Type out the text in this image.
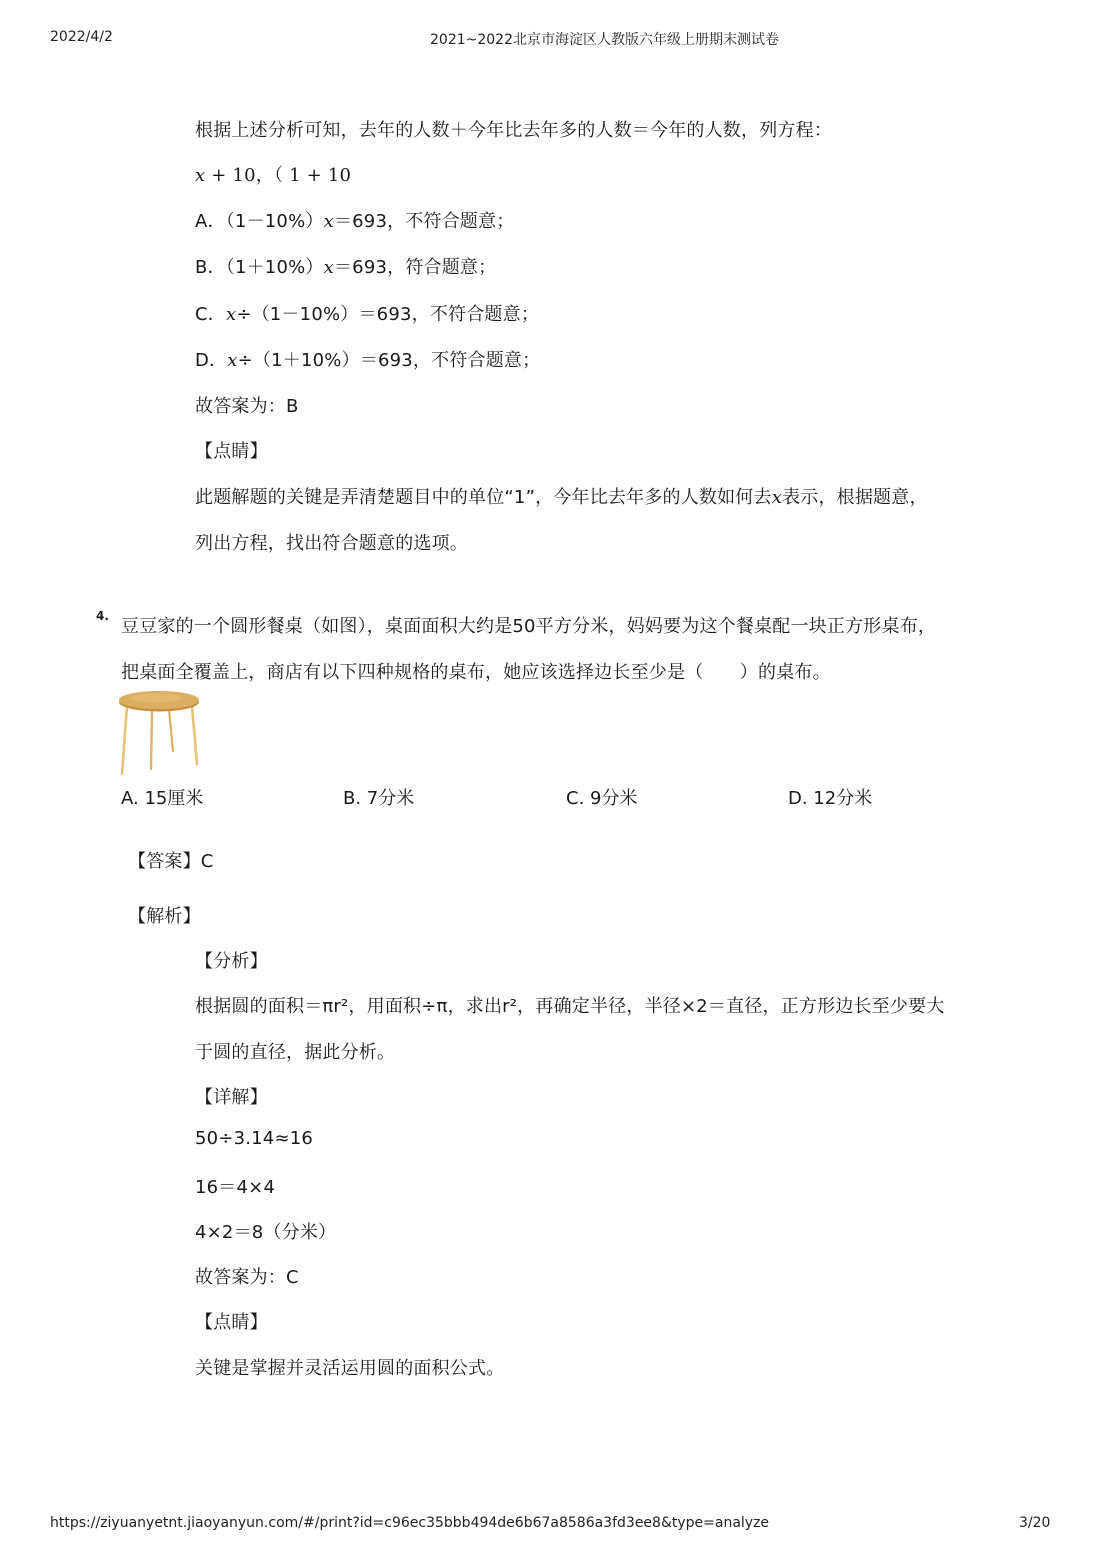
2022/4/2	2021~2022北京市海淀区人教版六年级上册期末测试卷
根据上述分析可知，去年的人数＋今年比去年多的人数＝今年的人数，列方程：
x + 10，（ 1 + 10
A．（1－10%）x＝693，不符合题意；
B．（1＋10%）x＝693，符合题意；
C．x÷（1－10%）＝693，不符合题意；
D．x÷（1＋10%）＝693，不符合题意；
故答案为：B
【点睛】
此题解题的关键是弄清楚题目中的单位“1”，今年比去年多的人数如何去x表示，根据题意，
列出方程，找出符合题意的选项。
4. 豆豆家的一个圆形餐桌（如图），桌面面积大约是50平方分米，妈妈要为这个餐桌配一块正方形桌布，
把桌面全覆盖上，商店有以下四种规格的桌布，她应该选择边长至少是（　　）的桌布。
A. 15厘米	B. 7分米	C. 9分米	D. 12分米
【答案】C
【解析】
【分析】
根据圆的面积＝πr²，用面积÷π，求出r²，再确定半径，半径×2＝直径，正方形边长至少要大
于圆的直径，据此分析。
【详解】
50÷3.14≈16
16＝4×4
4×2＝8（分米）
故答案为：C
【点睛】
关键是掌握并灵活运用圆的面积公式。
https://ziyuanyetnt.jiaoyanyun.com/#/print?id=c96ec35bbb494de6b67a8586a3fd3ee8&type=analyze	3/20
